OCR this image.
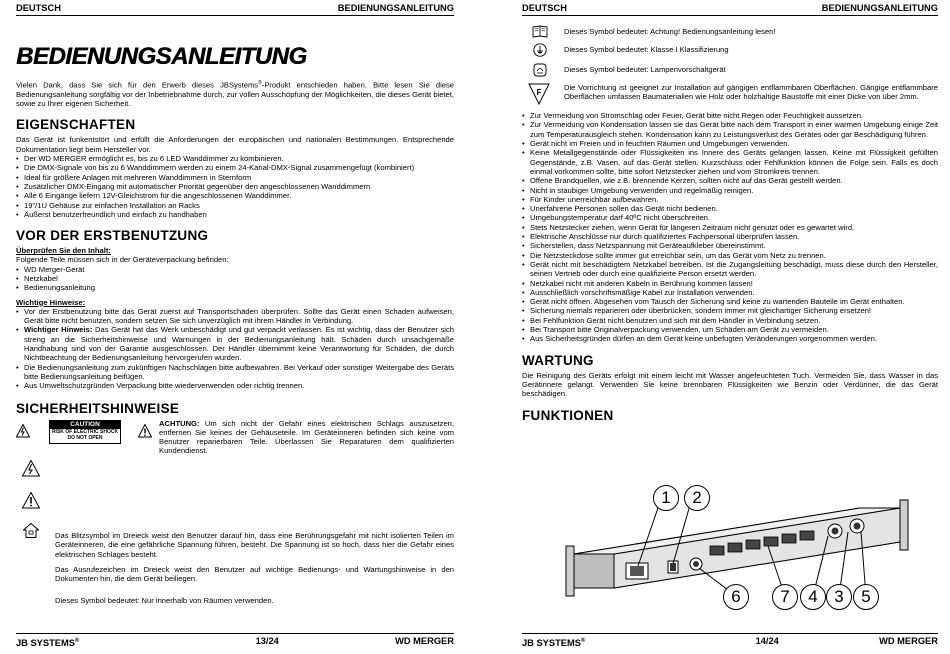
DEUTSCH	BEDIENUNGSANLEITUNG
BEDIENUNGSANLEITUNG

Vielen Dank, dass Sie sich für den Erwerb dieses JBSystems®-Produkt entschieden haben. Bitte lesen Sie diese Bedienungsanleitung sorgfältig vor der Inbetriebnahme durch, zur vollen Ausschöpfung der Möglichkeiten, die dieses Gerät bietet, sowie zu Ihrer eigenen Sicherheit.

EIGENSCHAFTEN

Das Gerät ist funkentstört und erfüllt die Anforderungen der europäischen und nationalen Bestimmungen. Entsprechende Dokumentation liegt beim Hersteller vor.

• Der WD MERGER ermöglicht es, bis zu 6 LED Wanddimmer zu kombinieren.
• Die DMX-Signale von bis zu 6 Wanddimmern werden zu einem 24-Kanal-DMX-Signal zusammengefügt (kombiniert)
• Ideal für größere Anlagen mit mehreren Wanddimmern in Sternform
• Zusätzlicher DMX-Eingang mit automatischer Priorität gegenüber den angeschlossenen Wanddimmern
• Alle 6 Eingänge liefern 12V-Gleichstrom für die angeschlossenen Wanddimmer.
• 19"/1U Gehäuse zur einfachen Installation an Racks
• Äußerst benutzerfreundlich und einfach zu handhaben
VOR DER ERSTBENUTZUNG
Überprüfen Sie den Inhalt:

Folgende Teile müssen sich in der Geräteverpackung befinden:

• WD Merger-Gerät
• Netzkabel
• Bedienungsanleitung
Wichtige Hinweise:
• Vor der Erstbenutzung bitte das Gerät zuerst auf Transportschäden überprüfen. Sollte das Gerät einen Schaden aufweisen, Gerät bitte nicht benutzen, sondern setzen Sie sich unverzüglich mit ihrem Händler in Verbindung.
• Wichtiger Hinweis: Das Gerät hat das Werk unbeschädigt und gut verpackt verlassen. Es ist wichtig, dass der Benutzer sich streng an die Sicherheitshinweise und Warnungen in der Bedienungsanleitung hält. Schäden durch unsachgemäße Handhabung sind von der Garantie ausgeschlossen. Der Händler übernimmt keine Verantwortung für Schäden, die durch Nichtbeachtung der Bedienungsanleitung hervorgerufen wurden.
• Die Bedienungsanleitung zum zukünftigen Nachschlagen bitte aufbewahren. Bei Verkauf oder sonstiger Weitergabe des Geräts bitte Bedienungsanleitung beifügen.
• Aus Umweltschutzgründen Verpackung bitte wiederverwenden oder richtig trennen.
SICHERHEITSHINWEISE
CAUTION
RISK OF ELECTRIC SHOCK
DO NOT OPEN

ACHTUNG: Um sich nicht der Gefahr eines elektrischen Schlags auszusetzen, entfernen Sie keines der Gehäuseteile. Im Geräteinneren befinden sich keine vom Benutzer reparierbaren Teile. Überlassen Sie Reparaturen dem qualifizierten Kundendienst.

Das Blitzsymbol im Dreieck weist den Benutzer darauf hin, dass eine Berührungsgefahr mit nicht isolierten Teilen im Geräteinneren, die eine gefährliche Spannung führen, besteht. Die Spannung ist so hoch, dass hier die Gefahr eines elektrischen Schlages besteht.

Das Ausrufezeichen im Dreieck weist den Benutzer auf wichtige Bedienungs- und Wartungshinweise in den Dokumenten hin, die dem Gerät beiliegen.

Dieses Symbol bedeutet: Nur innerhalb von Räumen verwenden.

JB SYSTEMS®	13/24	WD MERGER
DEUTSCH	BEDIENUNGSANLEITUNG
Dieses Symbol bedeutet: Achtung! Bedienungsanleitung lesen!
Dieses Symbol bedeutet: Klasse I Klassifizierung
Dieses Symbol bedeutet: Lampenvorschaltgerät
F

Die Vorrichtung ist geeignet zur Installation auf gängigen entflammbaren Oberflächen. Gängige entflammbare Oberflächen umfassen Baumaterialien wie Holz oder holzhaltige Baustoffe mit einer Dicke von über 2mm.

• Zur Vermeidung von Stromschlag oder Feuer, Gerät bitte nicht Regen oder Feuchtigkeit aussetzen.
• Zur Vermeidung von Kondensation lassen sie das Gerät bitte nach dem Transport in einer warmen Umgebung einige Zeit zum Temperaturausgleich stehen. Kondensation kann zu Leistungsverlust des Gerätes oder gar Beschädigung führen.
• Gerät nicht im Freien und in feuchten Räumen und Umgebungen verwenden.
• Keine Metallgegenstände oder Flüssigkeiten ins Innere des Geräts gelangen lassen. Keine mit Flüssigkeit gefüllten Gegenstände, z.B. Vasen, auf das Gerät stellen. Kurzschluss oder Fehlfunktion können die Folge sein. Falls es doch einmal vorkommen sollte, bitte sofort Netzstecker ziehen und vom Stromkreis trennen.
• Offene Brandquellen, wie z.B. brennende Kerzen, sollten nicht auf das Gerät gestellt werden.
• Nicht in staubiger Umgebung verwenden und regelmäßig reinigen.
• Für Kinder unerreichbar aufbewahren.
• Unerfahrene Personen sollen das Gerät nicht bedienen.
• Umgebungstemperatur darf 40ºC nicht überschreiten.
• Stets Netzstecker ziehen, wenn Gerät für längeren Zeitraum nicht genutzt oder es gewartet wird.
• Elektrische Anschlüsse nur durch qualifiziertes Fachpersonal überprüfen lassen.
• Sicherstellen, dass Netzspannung mit Geräteaufkleber übereinstimmt.
• Die Netzsteckdose sollte immer gut erreichbar sein, um das Gerät vom Netz zu trennen.
• Gerät nicht mit beschädigtem Netzkabel betreiben. Ist die Zugangsleitung beschädigt, muss diese durch den Hersteller, seinen Vertrieb oder durch eine qualifizierte Person ersetzt werden.
• Netzkabel nicht mit anderen Kabeln in Berührung kommen lassen!
• Ausschließlich vorschriftsmäßige Kabel zur Installation verwenden.
• Gerät nicht öffnen. Abgesehen vom Tausch der Sicherung sind keine zu wartenden Bauteile im Gerät enthalten.
• Sicherung niemals reparieren oder überbrücken, sondern immer mit gleichartiger Sicherung ersetzen!
• Bei Fehlfunktion Gerät nicht benutzen und sich mit dem Händler in Verbindung setzen.
• Bei Transport bitte Originalverpackung verwenden, um Schäden am Gerät zu vermeiden.
• Aus Sicherheitsgründen dürfen an dem Gerät keine unbefugten Veränderungen vorgenommen werden.
WARTUNG

Die Reinigung des Geräts erfolgt mit einem leicht mit Wasser angefeuchteten Tuch. Vermeiden Sie, dass Wasser in das Gerätinnere gelangt. Verwenden Sie keine brennbaren Flüssigkeiten wie Benzin oder Verdünner, die das Gerät beschädigen.

FUNKTIONEN
1	2
6	7	4 3	5
JB SYSTEMS®	14/24	WD MERGER
